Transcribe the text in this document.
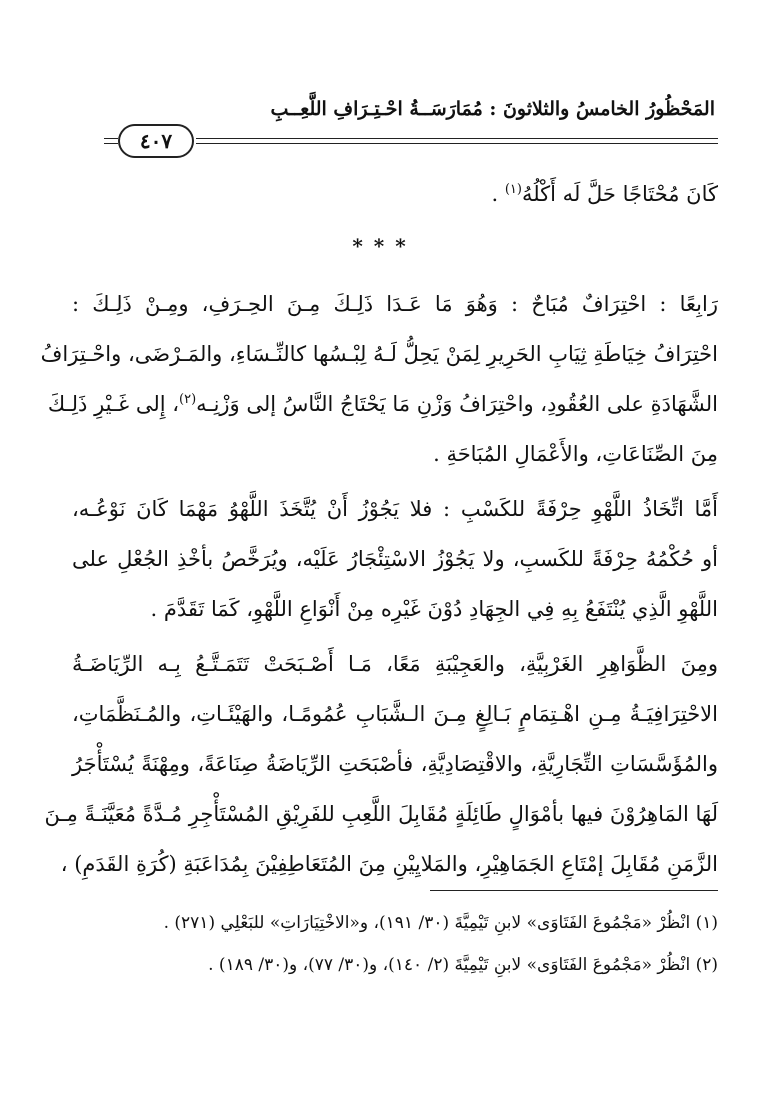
المَحْظُورُ الخامسُ والثلاثونَ : مُمَارَسَــةُ احْـتِـرَافِ اللَّعِــبِ
٤٠٧
كَانَ مُحْتَاجًا حَلَّ لَه أَكْلُهُ$^{(١)}$ .
* * *
رَابِعًا : احْتِرَافٌ مُبَاحٌ : وَهُوَ مَا عَـدَا ذَلِـكَ مِـنَ الحِـرَفِ، ومِـنْ ذَلِـكَ :
احْتِرَافُ خِيَاطَةِ ثِيَابِ الحَرِيرِ لِمَنْ يَحِلُّ لَـهُ لِبْـسُها كالنِّـسَاءِ، والمَـرْضَى، واحْـتِرَافُ
الشَّهَادَةِ على العُقُودِ، واحْتِرَافُ وَزْنِ مَا يَحْتَاجُ النَّاسُ إلى وَزْنِـه$^{(٢)}$، إِلى غَـيْرِ ذَلِـكَ
مِنَ الصِّنَاعَاتِ، والأَعْمَالِ المُبَاحَةِ .
أَمَّا اتِّخَاذُ اللَّهْوِ حِرْفَةً للكَسْبِ : فلا يَجُوْزُ أَنْ يُتَّخَذَ اللَّهْوُ مَهْمَا كَانَ نَوْعُـه،
أو حُكْمُهُ حِرْفَةً للكَسبِ، ولا يَجُوْزُ الاسْتِئْجَارُ عَلَيْه، ويُرَخَّصُ بأخْذِ الجُعْلِ على
اللَّهْوِ الَّذِي يُنْتَفَعُ بِهِ فِي الجِهَادِ دُوْنَ غَيْرِه مِنْ أَنْوَاعِ اللَّهْوِ، كَمَا تَقَدَّمَ .
ومِنَ الظَّوَاهِرِ الغَرْبِيَّةِ، والعَجِيْبَةِ مَعًا، مَـا أَصْـبَحَتْ تَتَمَـتَّـعُ بِـه الرِّيَاضَـةُ
الاحْتِرَافِيَـةُ مِـنِ اهْـتِمَامٍ بَـالِغٍ مِـنَ الـشَّبَابِ عُمُومًـا، والهَيْئَـاتِ، والمُـنَظَّمَاتِ،
والمُؤَسَّسَاتِ التِّجَارِيَّةِ، والاقْتِصَادِيَّةِ، فأصْبَحَتِ الرِّيَاضَةُ صِنَاعَةً، ومِهْنَةً يُسْتَأْجَرُ
لَهَا المَاهِرُوْنَ فيها بأمْوَالٍ طَائِلَةٍ مُقَابِلَ اللَّعِبِ للفَرِيْقِ المُسْتَأْجِرِ مُـدَّةً مُعَيَّنَـةً مِـنَ
الزَّمَنِ مُقَابِلَ إمْتَاعِ الجَمَاهِيْرِ، والمَلايِيْنِ مِنَ المُتَعَاطِفِيْنَ بِمُدَاعَبَةِ (كُرَةِ القَدَمِ) ،
(١) انْظُرْ «مَجْمُوعَ الفَتَاوَى» لابنِ تَيْمِيَّةَ (٣٠/ ١٩١)، و«الاخْتِيَارَاتِ» للبَعْلِي (٢٧١) .
(٢) انْظُرْ «مَجْمُوعَ الفَتَاوَى» لابنِ تَيْمِيَّةَ (٢/ ١٤٠)، و(٣٠/ ٧٧)، و(٣٠/ ١٨٩) .
